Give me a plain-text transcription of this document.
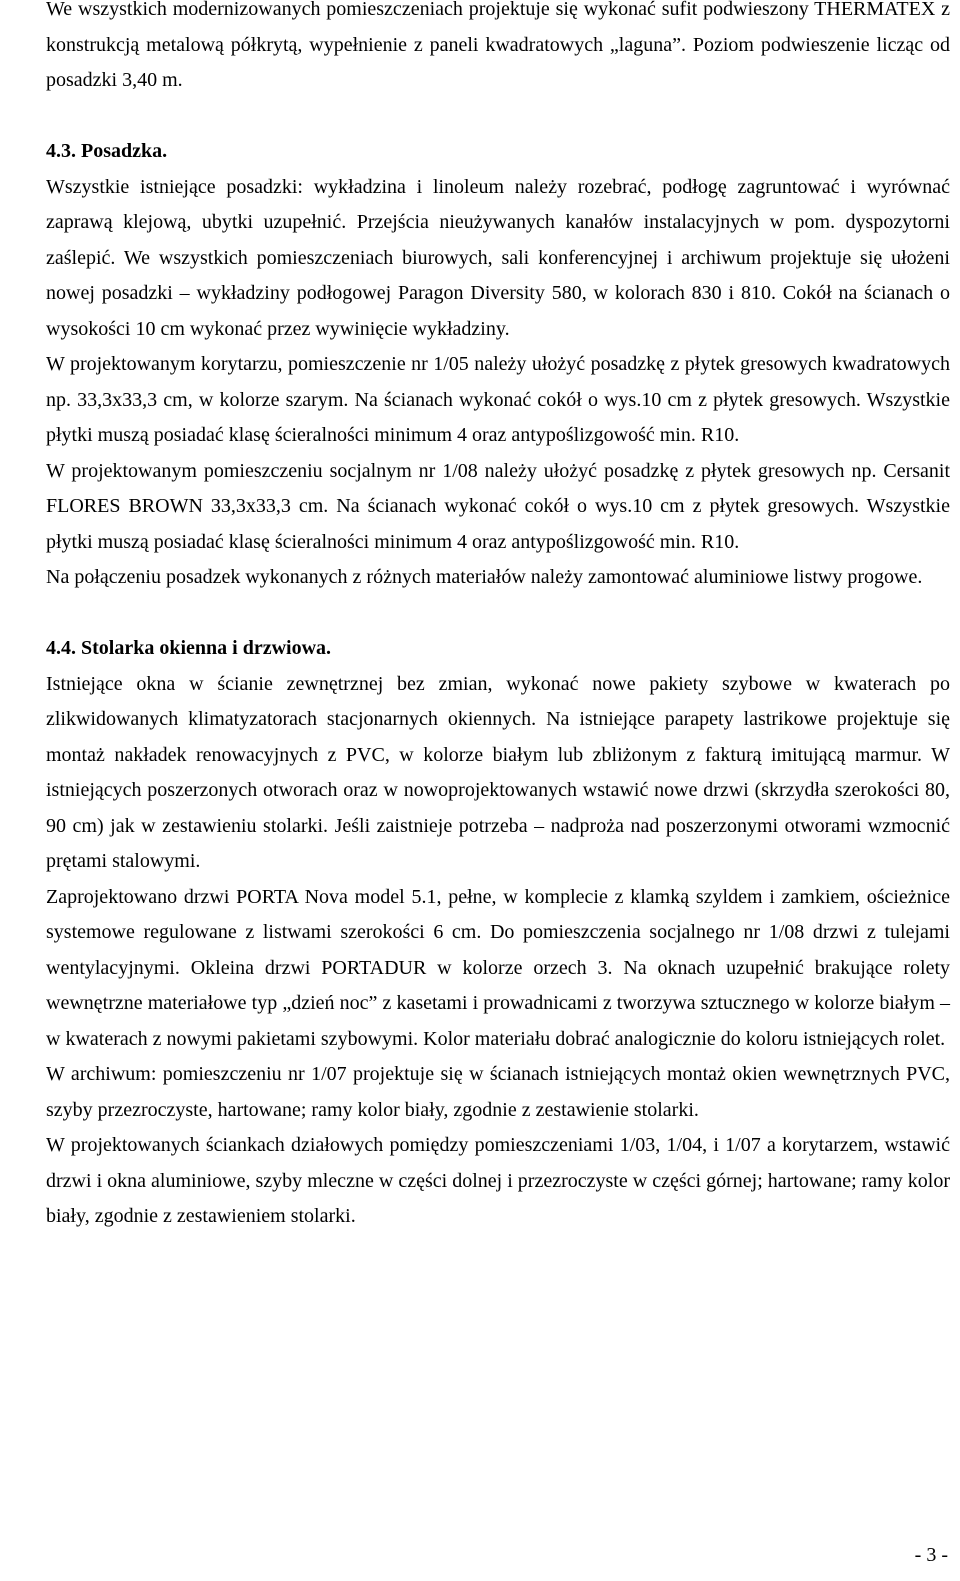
We wszystkich modernizowanych pomieszczeniach projektuje się wykonać sufit podwieszony THERMATEX z konstrukcją metalową półkrytą, wypełnienie z paneli kwadratowych „laguna”. Poziom podwieszenie licząc od posadzki 3,40 m.

4.3. Posadzka.

Wszystkie istniejące posadzki: wykładzina i linoleum należy rozebrać, podłogę zagruntować i wyrównać zaprawą klejową, ubytki uzupełnić. Przejścia nieużywanych kanałów instalacyjnych w pom. dyspozytorni zaślepić. We wszystkich pomieszczeniach biurowych, sali konferencyjnej i archiwum projektuje się ułożeni nowej posadzki – wykładziny podłogowej Paragon Diversity 580, w kolorach 830 i 810. Cokół na ścianach o wysokości 10 cm wykonać przez wywinięcie wykładziny.

W projektowanym korytarzu, pomieszczenie nr 1/05 należy ułożyć posadzkę z płytek gresowych kwadratowych np. 33,3x33,3 cm, w kolorze szarym. Na ścianach wykonać cokół o wys.10 cm z płytek gresowych. Wszystkie płytki muszą posiadać klasę ścieralności minimum 4 oraz antypoślizgowość min. R10.

W projektowanym pomieszczeniu socjalnym nr 1/08 należy ułożyć posadzkę z płytek gresowych np. Cersanit FLORES BROWN 33,3x33,3 cm. Na ścianach wykonać cokół o wys.10 cm z płytek gresowych. Wszystkie płytki muszą posiadać klasę ścieralności minimum 4 oraz antypoślizgowość min. R10.

Na połączeniu posadzek wykonanych z różnych materiałów należy zamontować aluminiowe listwy progowe.

4.4. Stolarka okienna i drzwiowa.

Istniejące okna w ścianie zewnętrznej bez zmian, wykonać nowe pakiety szybowe w kwaterach po zlikwidowanych klimatyzatorach stacjonarnych okiennych. Na istniejące parapety lastrikowe projektuje się montaż nakładek renowacyjnych z PVC, w kolorze białym lub zbliżonym z fakturą imitującą marmur. W istniejących poszerzonych otworach oraz w nowoprojektowanych wstawić nowe drzwi (skrzydła szerokości 80, 90 cm) jak w zestawieniu stolarki. Jeśli zaistnieje potrzeba – nadproża nad poszerzonymi otworami wzmocnić prętami stalowymi.

Zaprojektowano drzwi PORTA Nova model 5.1, pełne, w komplecie z klamką szyldem i zamkiem, ościeżnice systemowe regulowane z listwami szerokości 6 cm. Do pomieszczenia socjalnego nr 1/08 drzwi z tulejami wentylacyjnymi. Okleina drzwi PORTADUR w kolorze orzech 3. Na oknach uzupełnić brakujące rolety wewnętrzne materiałowe typ „dzień noc” z kasetami i prowadnicami z tworzywa sztucznego w kolorze białym – w kwaterach z nowymi pakietami szybowymi. Kolor materiału dobrać analogicznie do koloru istniejących rolet.

W archiwum: pomieszczeniu nr 1/07 projektuje się w ścianach istniejących montaż okien wewnętrznych PVC, szyby przezroczyste, hartowane; ramy kolor biały, zgodnie z zestawienie stolarki.

W projektowanych ściankach działowych pomiędzy pomieszczeniami 1/03, 1/04, i 1/07 a korytarzem, wstawić drzwi i okna aluminiowe, szyby mleczne w części dolnej i przezroczyste w części górnej; hartowane; ramy kolor biały, zgodnie z zestawieniem stolarki.

- 3 -
